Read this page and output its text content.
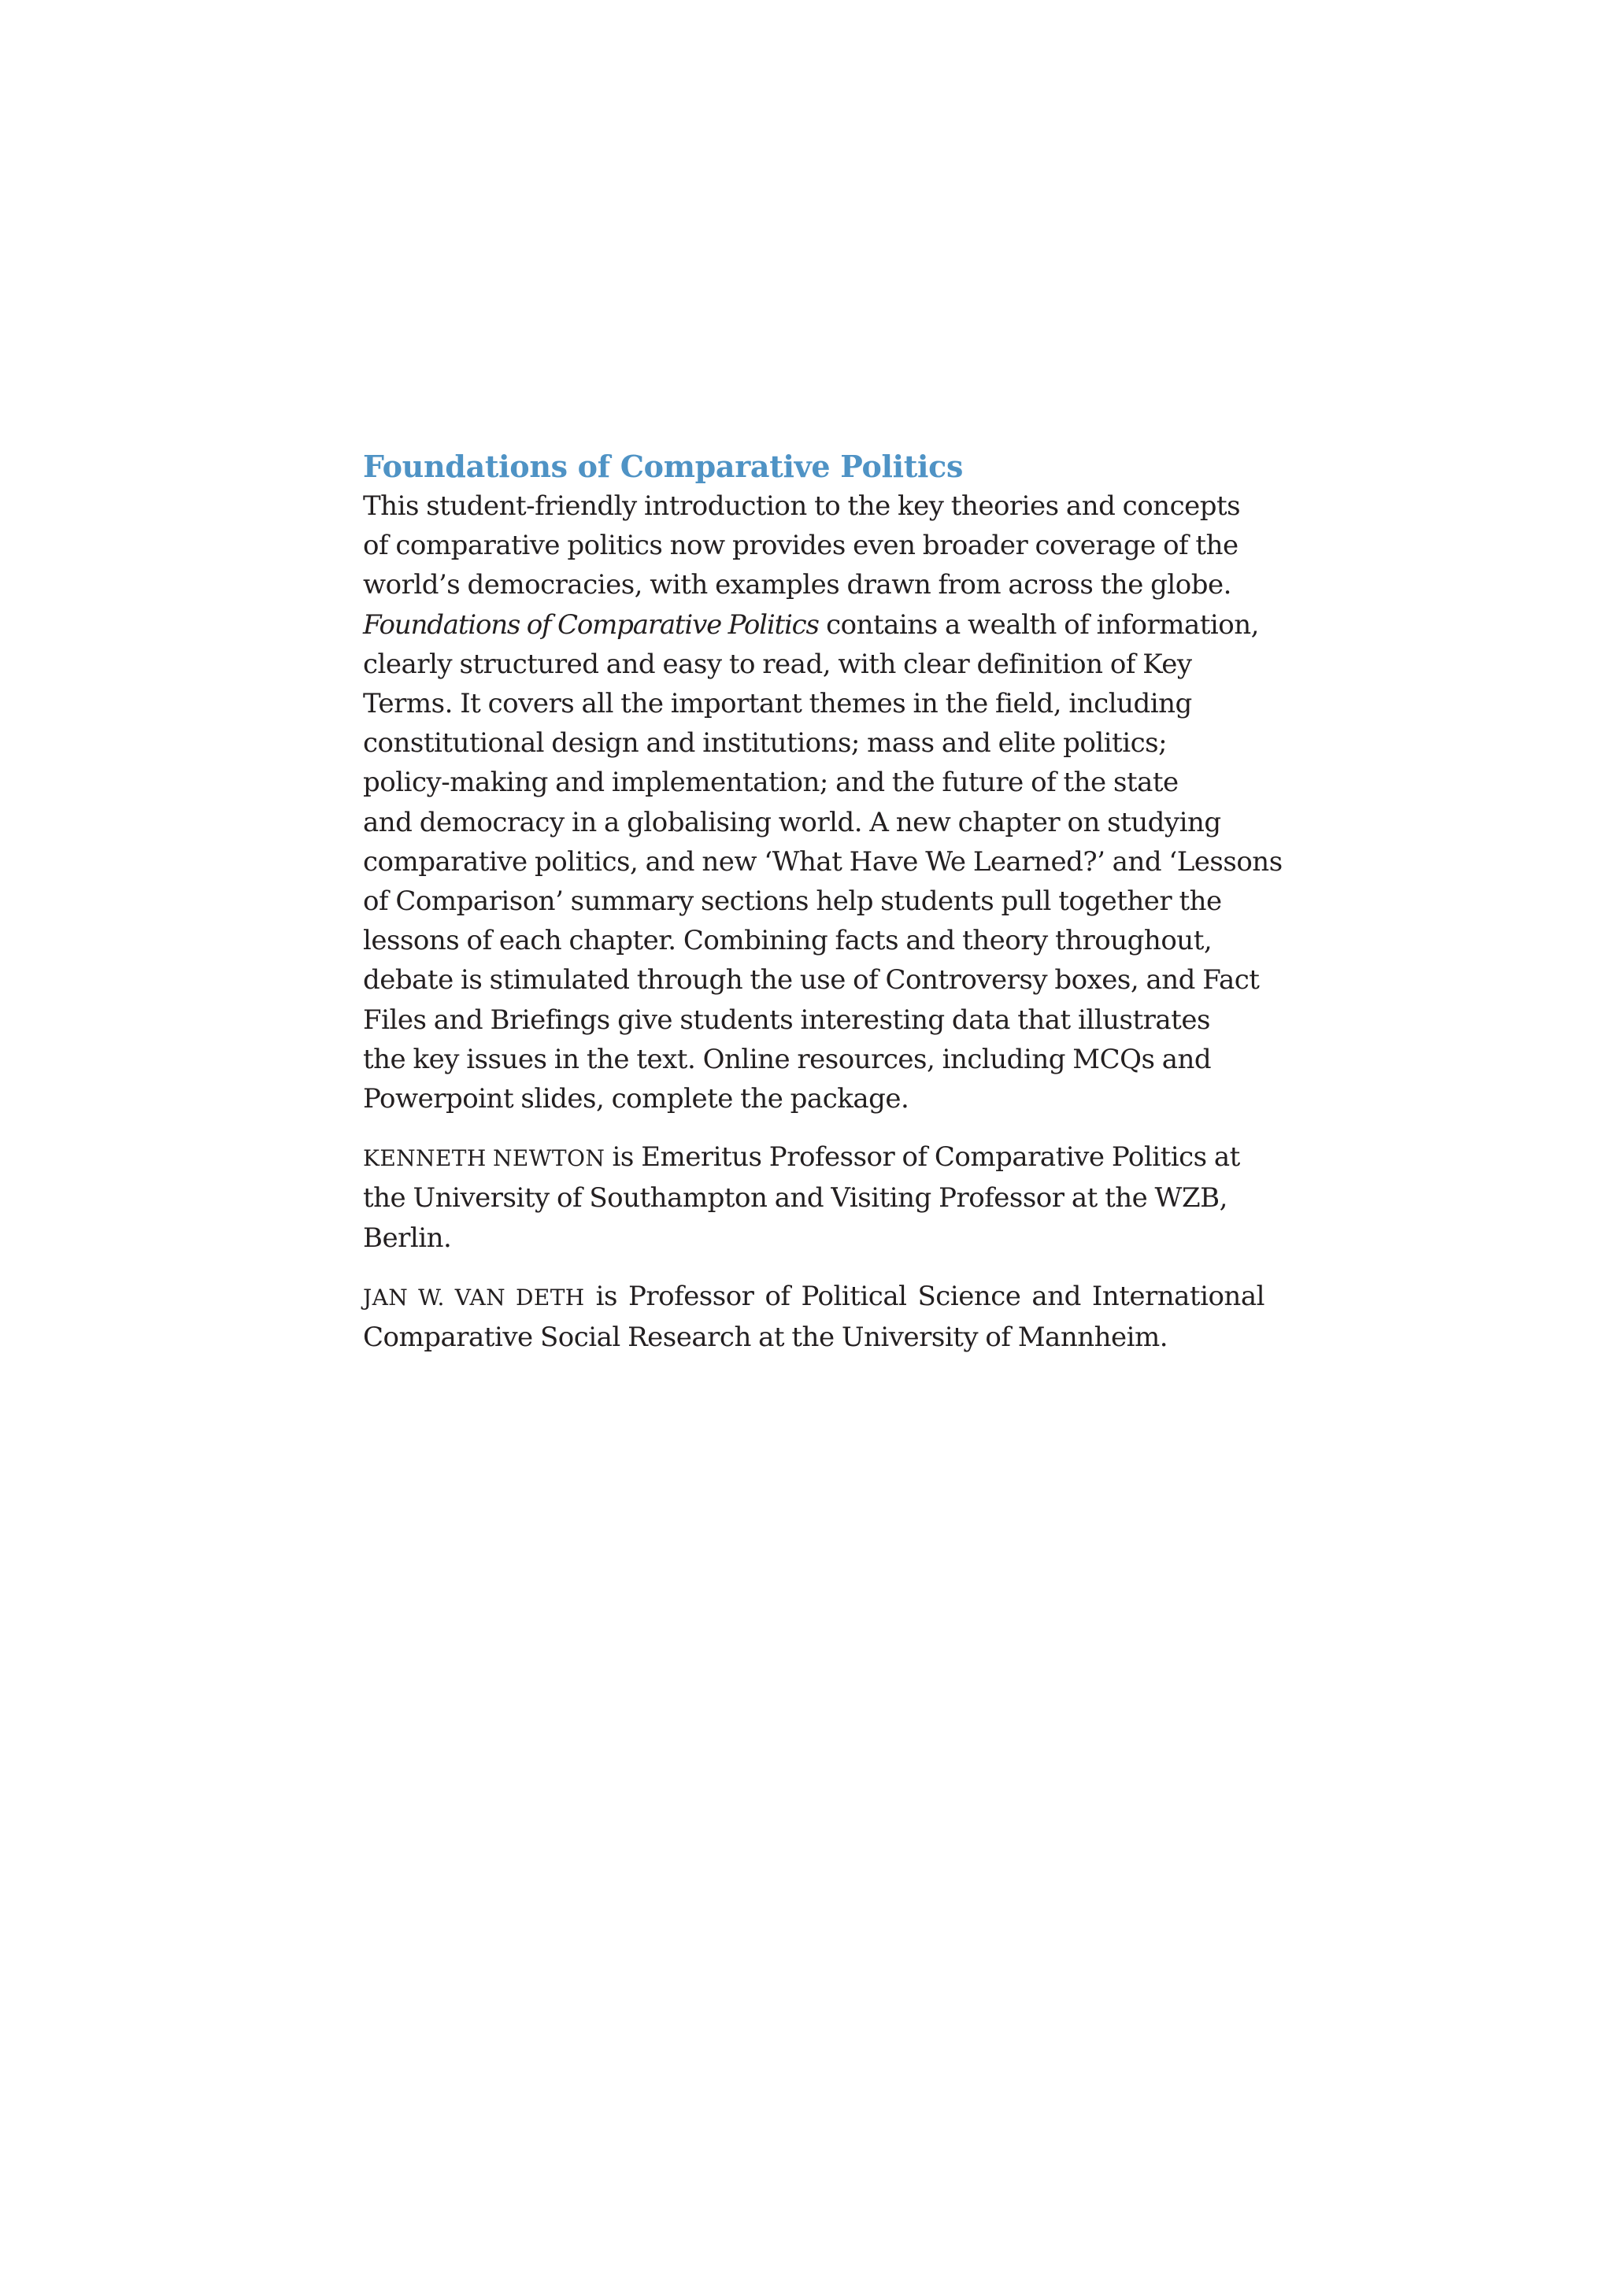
Foundations of Comparative Politics

This student-friendly introduction to the key theories and concepts
of comparative politics now provides even broader coverage of the
world’s democracies, with examples drawn from across the globe.
Foundations of Comparative Politics contains a wealth of information,
clearly structured and easy to read, with clear definition of Key
Terms. It covers all the important themes in the field, including
constitutional design and institutions; mass and elite politics;
policy-making and implementation; and the future of the state
and democracy in a globalising world. A new chapter on studying
comparative politics, and new ‘What Have We Learned?’ and ‘Lessons
of Comparison’ summary sections help students pull together the
lessons of each chapter. Combining facts and theory throughout,
debate is stimulated through the use of Controversy boxes, and Fact
Files and Briefings give students interesting data that illustrates
the key issues in the text. Online resources, including MCQs and
Powerpoint slides, complete the package.

KENNETH NEWTON is Emeritus Professor of Comparative Politics at
the University of Southampton and Visiting Professor at the WZB,
Berlin.

JAN W. VAN DETH is Professor of Political Science and International
Comparative Social Research at the University of Mannheim.
